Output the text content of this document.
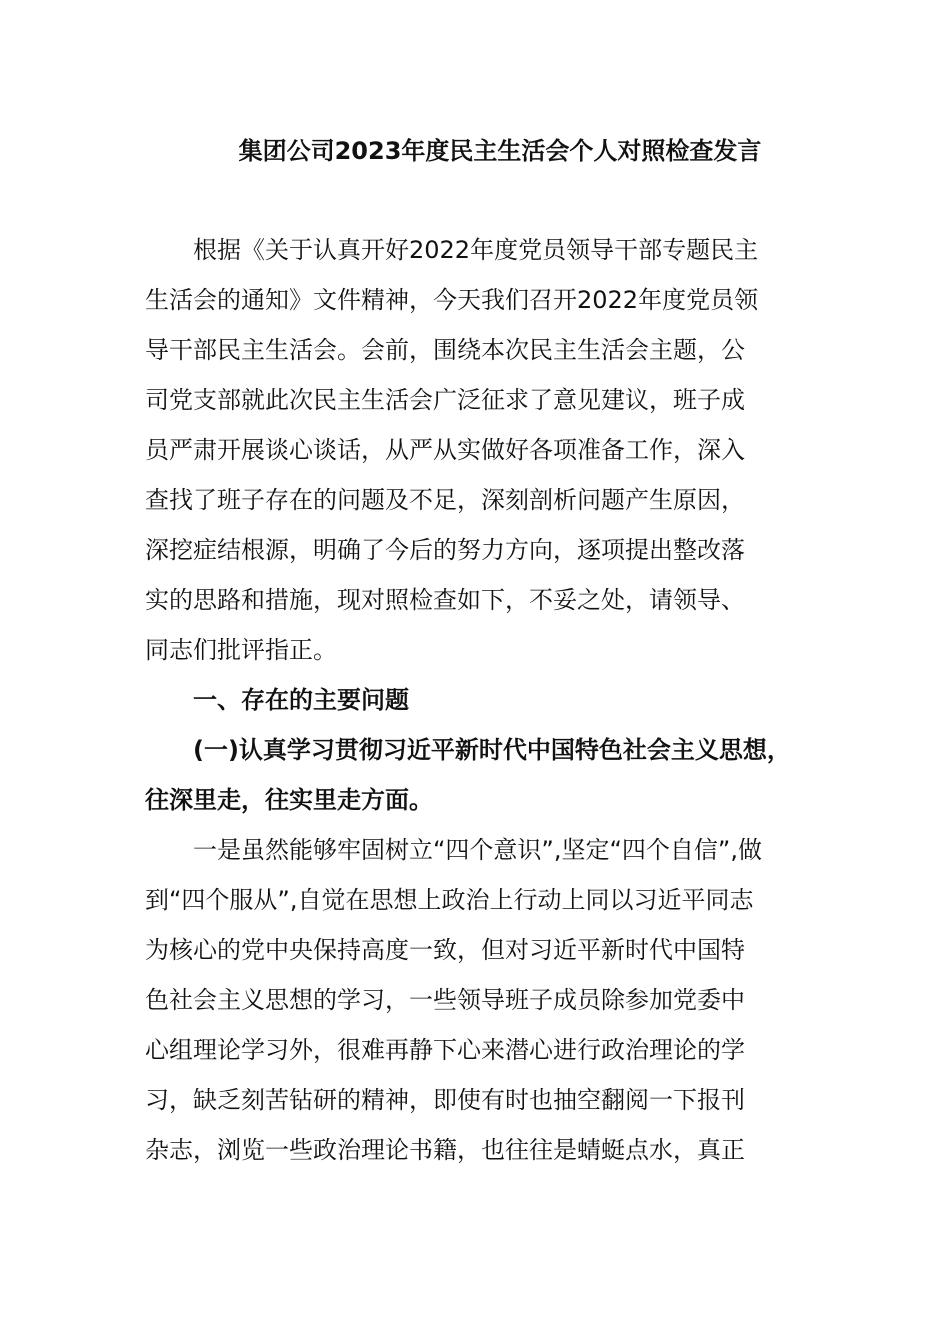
集团公司2023年度民主生活会个人对照检查发言
　　根据《关于认真开好2022年度党员领导干部专题民主
生活会的通知》文件精神，今天我们召开2022年度党员领
导干部民主生活会。会前，围绕本次民主生活会主题，公
司党支部就此次民主生活会广泛征求了意见建议，班子成
员严肃开展谈心谈话，从严从实做好各项准备工作，深入
查找了班子存在的问题及不足，深刻剖析问题产生原因，
深挖症结根源，明确了今后的努力方向，逐项提出整改落
实的思路和措施，现对照检查如下，不妥之处，请领导、
同志们批评指正。
　　一、存在的主要问题
　　(一)认真学习贯彻习近平新时代中国特色社会主义思想，
往深里走，往实里走方面。
　　一是虽然能够牢固树立“四个意识”,坚定“四个自信”,做
到“四个服从”,自觉在思想上政治上行动上同以习近平同志
为核心的党中央保持高度一致，但对习近平新时代中国特
色社会主义思想的学习，一些领导班子成员除参加党委中
心组理论学习外，很难再静下心来潜心进行政治理论的学
习，缺乏刻苦钻研的精神，即使有时也抽空翻阅一下报刊
杂志，浏览一些政治理论书籍，也往往是蜻蜓点水，真正
